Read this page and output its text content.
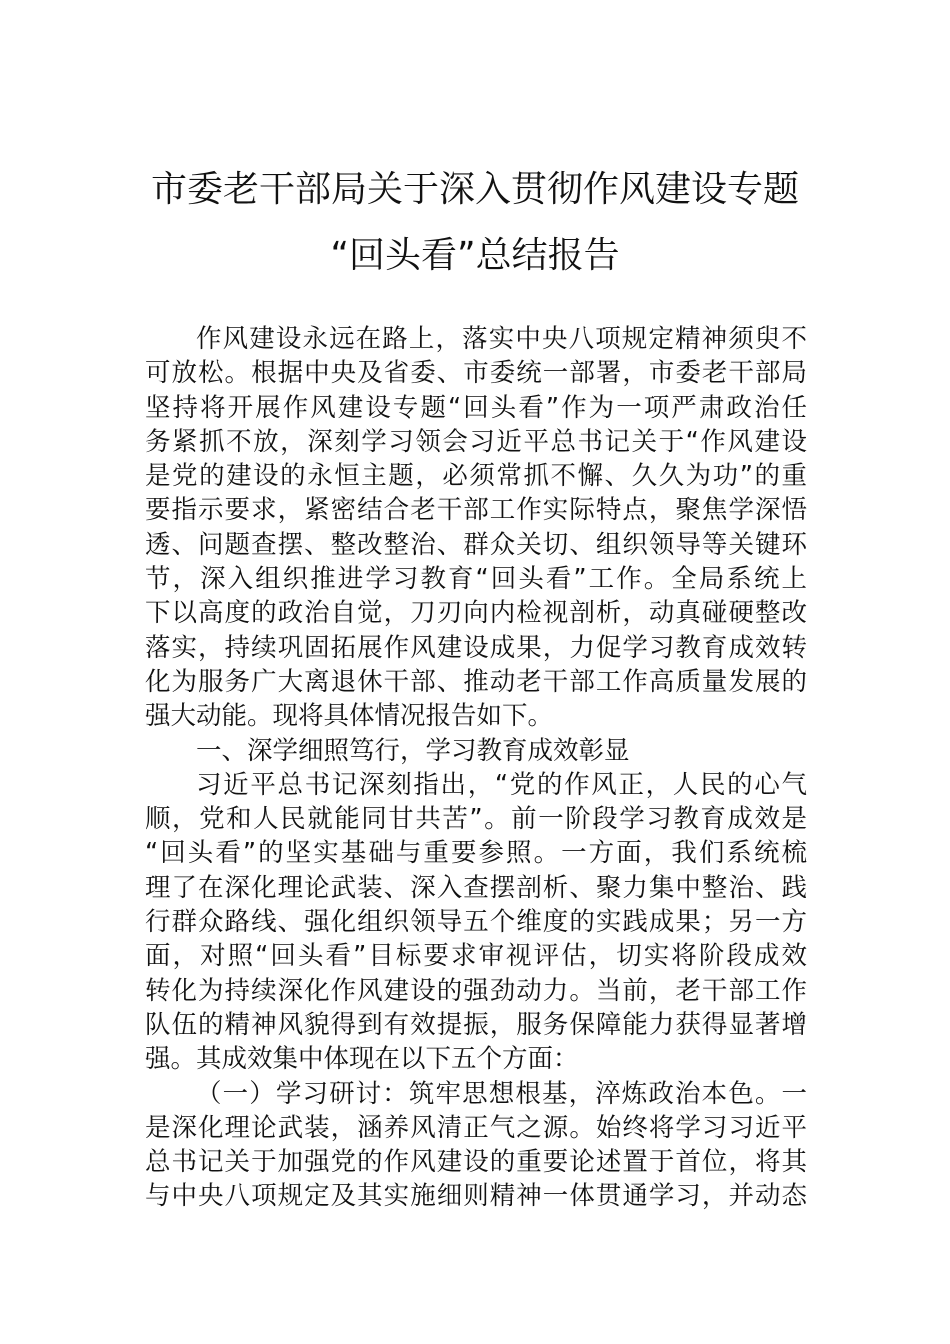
市委老干部局关于深入贯彻作风建设专题
“回头看”总结报告
作风建设永远在路上，落实中央八项规定精神须臾不
可放松。根据中央及省委、市委统一部署，市委老干部局
坚持将开展作风建设专题“回头看”作为一项严肃政治任
务紧抓不放，深刻学习领会习近平总书记关于“作风建设
是党的建设的永恒主题，必须常抓不懈、久久为功”的重
要指示要求，紧密结合老干部工作实际特点，聚焦学深悟
透、问题查摆、整改整治、群众关切、组织领导等关键环
节，深入组织推进学习教育“回头看”工作。全局系统上
下以高度的政治自觉，刀刃向内检视剖析，动真碰硬整改
落实，持续巩固拓展作风建设成果，力促学习教育成效转
化为服务广大离退休干部、推动老干部工作高质量发展的
强大动能。现将具体情况报告如下。
一、深学细照笃行，学习教育成效彰显
习近平总书记深刻指出，“党的作风正，人民的心气
顺，党和人民就能同甘共苦”。前一阶段学习教育成效是
“回头看”的坚实基础与重要参照。一方面，我们系统梳
理了在深化理论武装、深入查摆剖析、聚力集中整治、践
行群众路线、强化组织领导五个维度的实践成果；另一方
面，对照“回头看”目标要求审视评估，切实将阶段成效
转化为持续深化作风建设的强劲动力。当前，老干部工作
队伍的精神风貌得到有效提振，服务保障能力获得显著增
强。其成效集中体现在以下五个方面：
（一）学习研讨：筑牢思想根基，淬炼政治本色。一
是深化理论武装，涵养风清正气之源。始终将学习习近平
总书记关于加强党的作风建设的重要论述置于首位，将其
与中央八项规定及其实施细则精神一体贯通学习，并动态
